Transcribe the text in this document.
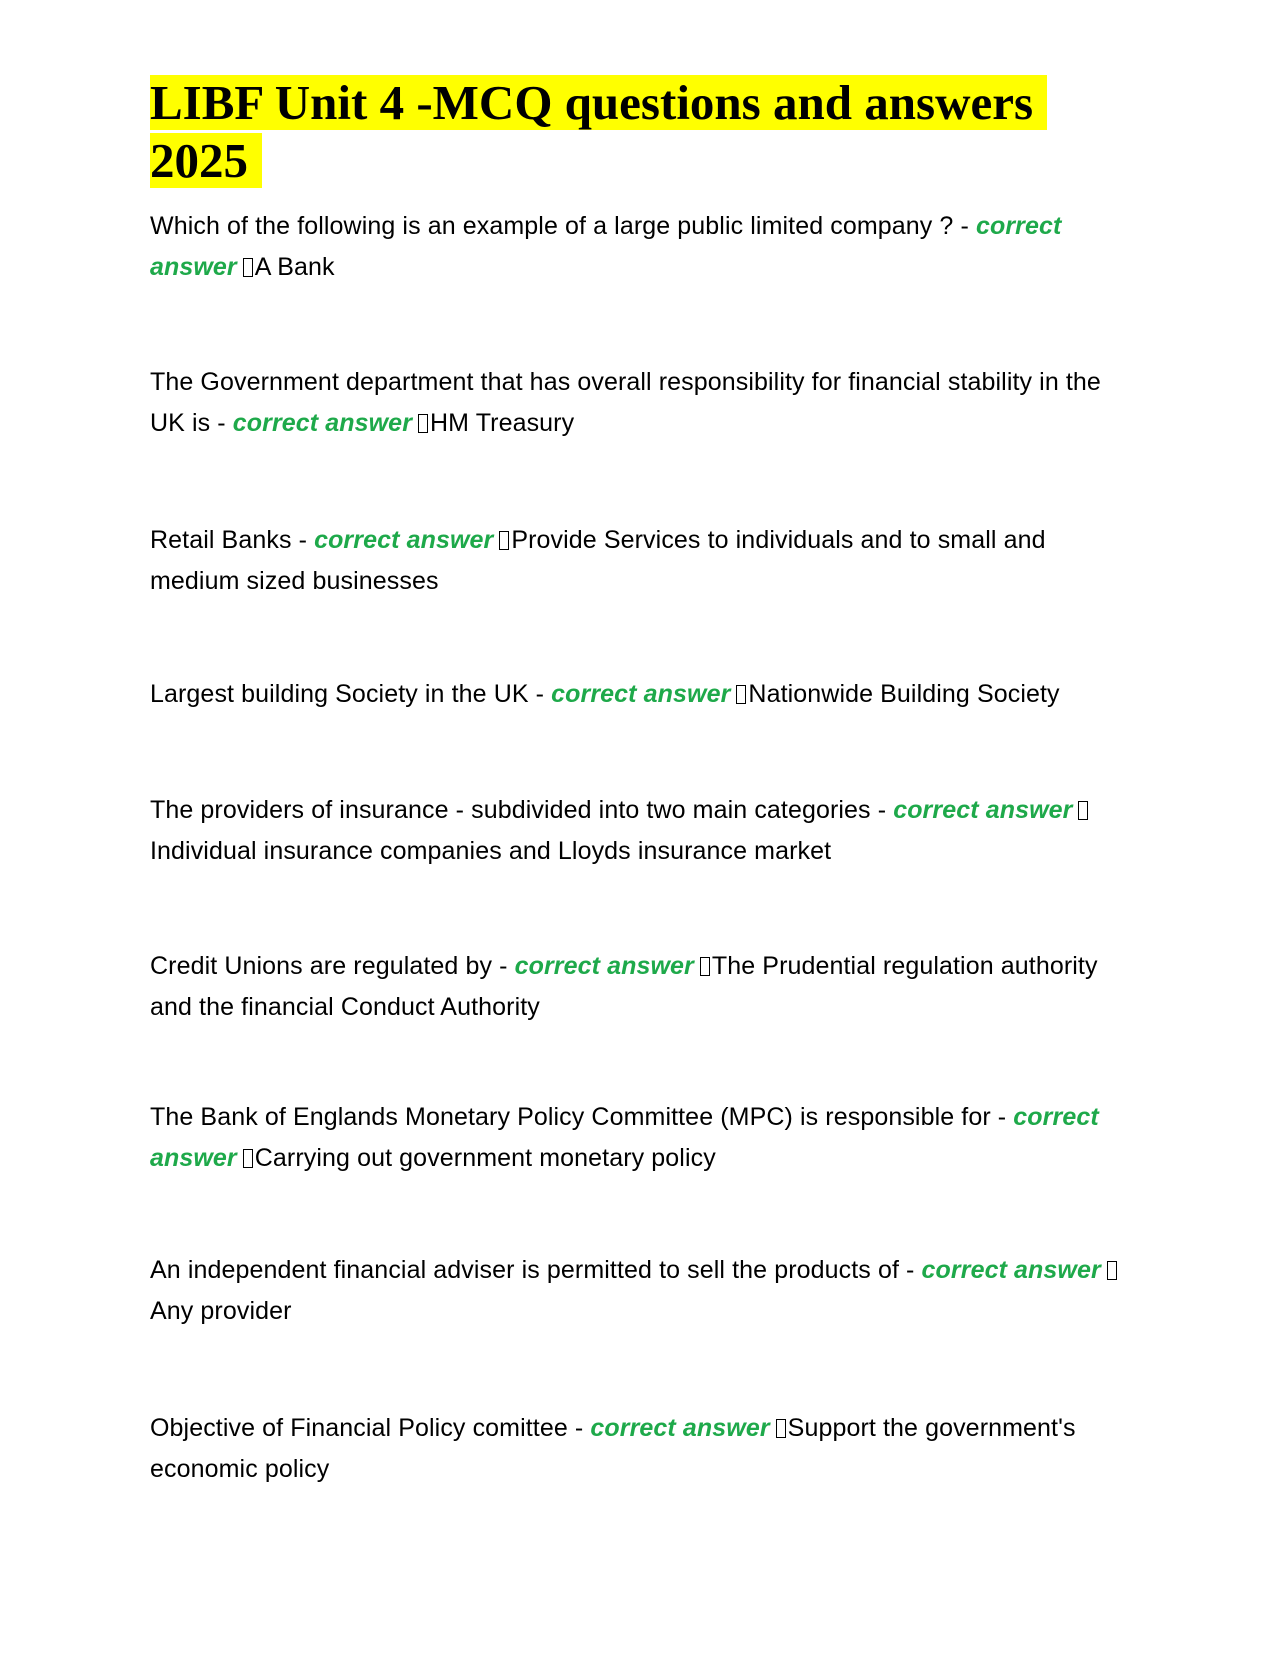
LIBF Unit 4 -MCQ questions and answers 2025

Which of the following is an example of a large public limited company ? - correct answer A Bank

The Government department that has overall responsibility for financial stability in the UK is - correct answer HM Treasury

Retail Banks - correct answer Provide Services to individuals and to small and medium sized businesses

Largest building Society in the UK - correct answer Nationwide Building Society

The providers of insurance - subdivided into two main categories - correct answerIndividual insurance companies and Lloyds insurance market

Credit Unions are regulated by - correct answer The Prudential regulation authority and the financial Conduct Authority

The Bank of Englands Monetary Policy Committee (MPC) is responsible for - correct answer Carrying out government monetary policy

An independent financial adviser is permitted to sell the products of - correct answerAny provider

Objective of Financial Policy comittee - correct answer Support the government's economic policy
